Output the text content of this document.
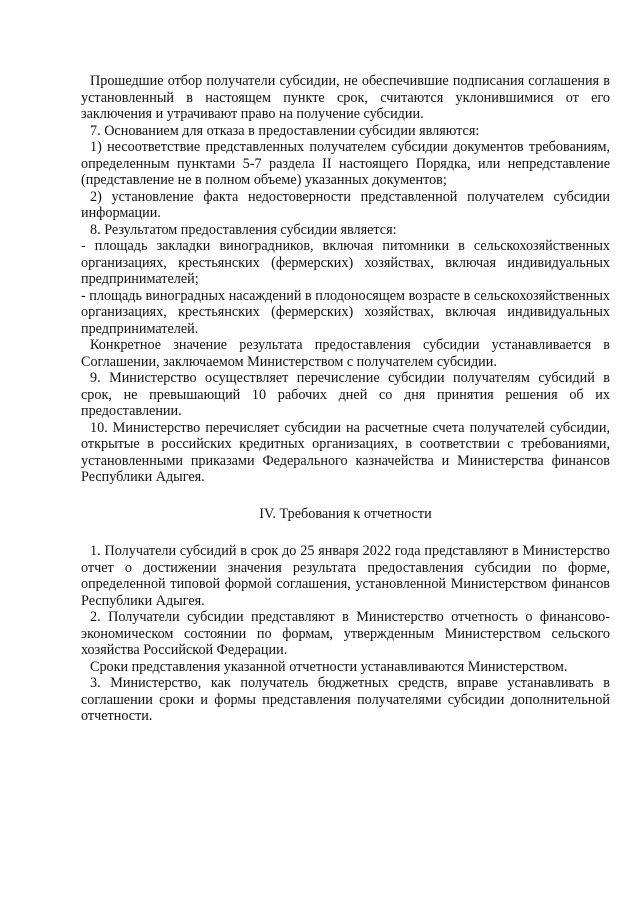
Прошедшие отбор получатели субсидии, не обеспечившие подписания соглашения в установленный в настоящем пункте срок, считаются уклонившимися от его заключения и утрачивают право на получение субсидии.

7. Основанием для отказа в предоставлении субсидии являются:

1) несоответствие представленных получателем субсидии документов требованиям, определенным пунктами 5-7 раздела II настоящего Порядка, или непредставление (представление не в полном объеме) указанных документов;

2) установление факта недостоверности представленной получателем субсидии информации.

8. Результатом предоставления субсидии является:

- площадь закладки виноградников, включая питомники в сельскохозяйственных организациях, крестьянских (фермерских) хозяйствах, включая индивидуальных предпринимателей;

- площадь виноградных насаждений в плодоносящем возрасте в сельскохозяйственных организациях, крестьянских (фермерских) хозяйствах, включая индивидуальных предпринимателей.

Конкретное значение результата предоставления субсидии устанавливается в Соглашении, заключаемом Министерством с получателем субсидии.

9. Министерство осуществляет перечисление субсидии получателям субсидий в срок, не превышающий 10 рабочих дней со дня принятия решения об их предоставлении.

10. Министерство перечисляет субсидии на расчетные счета получателей субсидии, открытые в российских кредитных организациях, в соответствии с требованиями, установленными приказами Федерального казначейства и Министерства финансов Республики Адыгея.

IV. Требования к отчетности

1. Получатели субсидий в срок до 25 января 2022 года представляют в Министерство отчет о достижении значения результата предоставления субсидии по форме, определенной типовой формой соглашения, установленной Министерством финансов Республики Адыгея.

2. Получатели субсидии представляют в Министерство отчетность о финансово-экономическом состоянии по формам, утвержденным Министерством сельского хозяйства Российской Федерации.

Сроки представления указанной отчетности устанавливаются Министерством.

3. Министерство, как получатель бюджетных средств, вправе устанавливать в соглашении сроки и формы представления получателями субсидии дополнительной отчетности.
